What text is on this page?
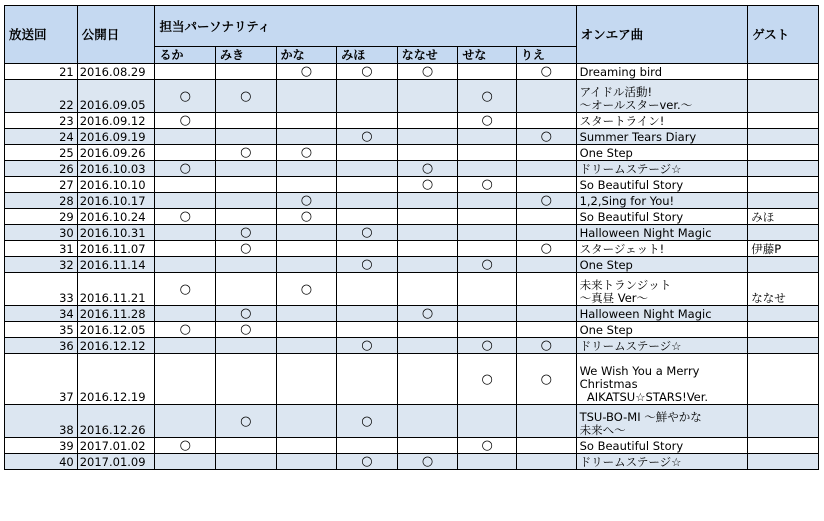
放送回	公開日	担当パーソナリティ							オンエア曲	ゲスト
		るか	みき	かな	みほ	ななせ	せな	りえ		
21	2016.08.29			○	○	○		○	Dreaming bird	
22	2016.09.05	○	○				○		アイドル活動!
～オールスターver.～	
23	2016.09.12	○					○		スタートライン!	
24	2016.09.19				○			○	Summer Tears Diary	
25	2016.09.26		○	○					One Step	
26	2016.10.03	○				○			ドリームステージ☆	
27	2016.10.10					○	○		So Beautiful Story	
28	2016.10.17			○				○	1,2,Sing for You!	
29	2016.10.24	○		○					So Beautiful Story	みほ
30	2016.10.31		○		○				Halloween Night Magic	
31	2016.11.07		○					○	スタージェット!	伊藤P
32	2016.11.14				○		○		One Step	
33	2016.11.21	○		○					未来トランジット
～真昼 Ver～	ななせ
34	2016.11.28		○			○			Halloween Night Magic	
35	2016.12.05	○	○						One Step	
36	2016.12.12				○		○	○	ドリームステージ☆	
37	2016.12.19						○	○	We Wish You a Merry
Christmas
AIKATSU☆STARS!Ver.	
38	2016.12.26		○		○				TSU-BO-MI ～鮮やかな
未来へ～	
39	2017.01.02	○					○		So Beautiful Story	
40	2017.01.09				○	○			ドリームステージ☆	
